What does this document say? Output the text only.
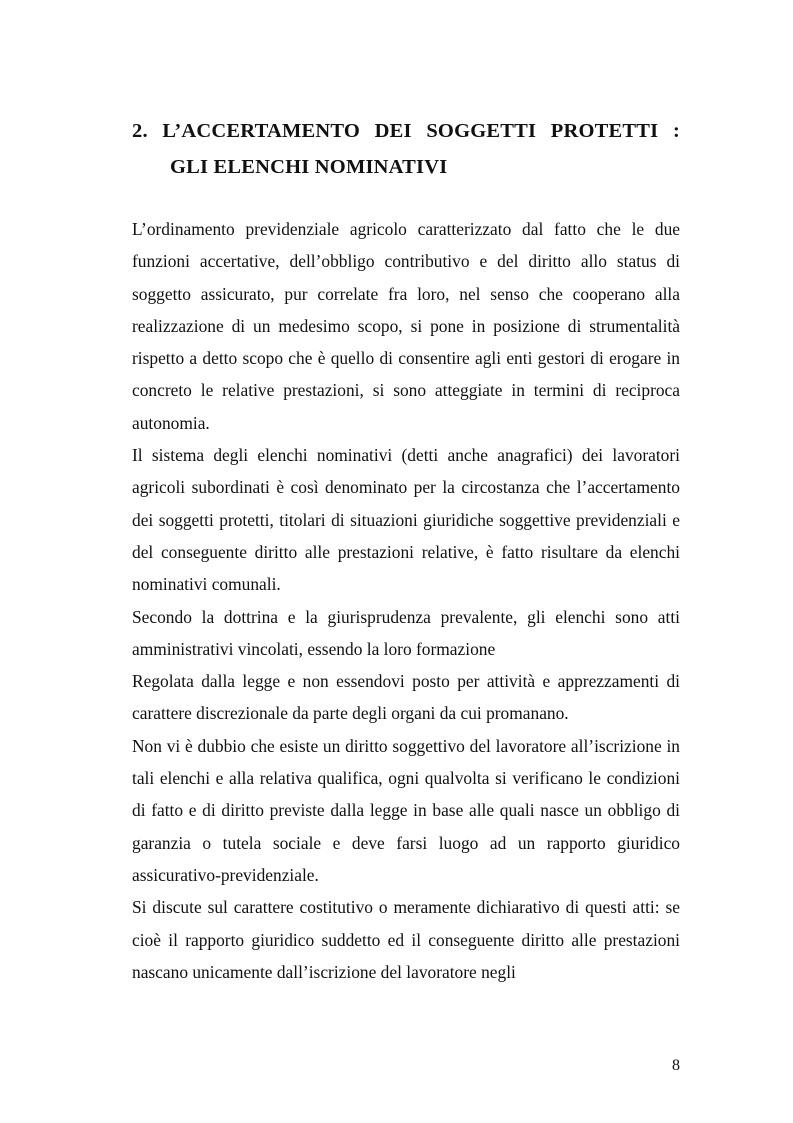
2. L’ACCERTAMENTO DEI SOGGETTI PROTETTI :
GLI ELENCHI NOMINATIVI

L’ordinamento previdenziale agricolo caratterizzato dal fatto che le due funzioni accertative, dell’obbligo contributivo e del diritto allo status di soggetto assicurato, pur correlate fra loro, nel senso che cooperano alla realizzazione di un medesimo scopo, si pone in posizione di strumentalità rispetto a detto scopo che è quello di consentire agli enti gestori di erogare in concreto le relative prestazioni, si sono atteggiate in termini di reciproca autonomia.

Il sistema degli elenchi nominativi (detti anche anagrafici) dei lavoratori agricoli subordinati è così denominato per la circostanza che l’accertamento dei soggetti protetti, titolari di situazioni giuridiche soggettive previdenziali e del conseguente diritto alle prestazioni relative, è fatto risultare da elenchi nominativi comunali.

Secondo la dottrina e la giurisprudenza prevalente, gli elenchi sono atti amministrativi vincolati, essendo la loro formazione

Regolata dalla legge e non essendovi posto per attività e apprezzamenti di carattere discrezionale da parte degli organi da cui promanano.

Non vi è dubbio che esiste un diritto soggettivo del lavoratore all’iscrizione in tali elenchi e alla relativa qualifica, ogni qualvolta si verificano le condizioni di fatto e di diritto previste dalla legge in base alle quali nasce un obbligo di garanzia o tutela sociale e deve farsi luogo ad un rapporto giuridico assicurativo-previdenziale.

Si discute sul carattere costitutivo o meramente dichiarativo di questi atti: se cioè il rapporto giuridico suddetto ed il conseguente diritto alle prestazioni nascano unicamente dall’iscrizione del lavoratore negli

8
